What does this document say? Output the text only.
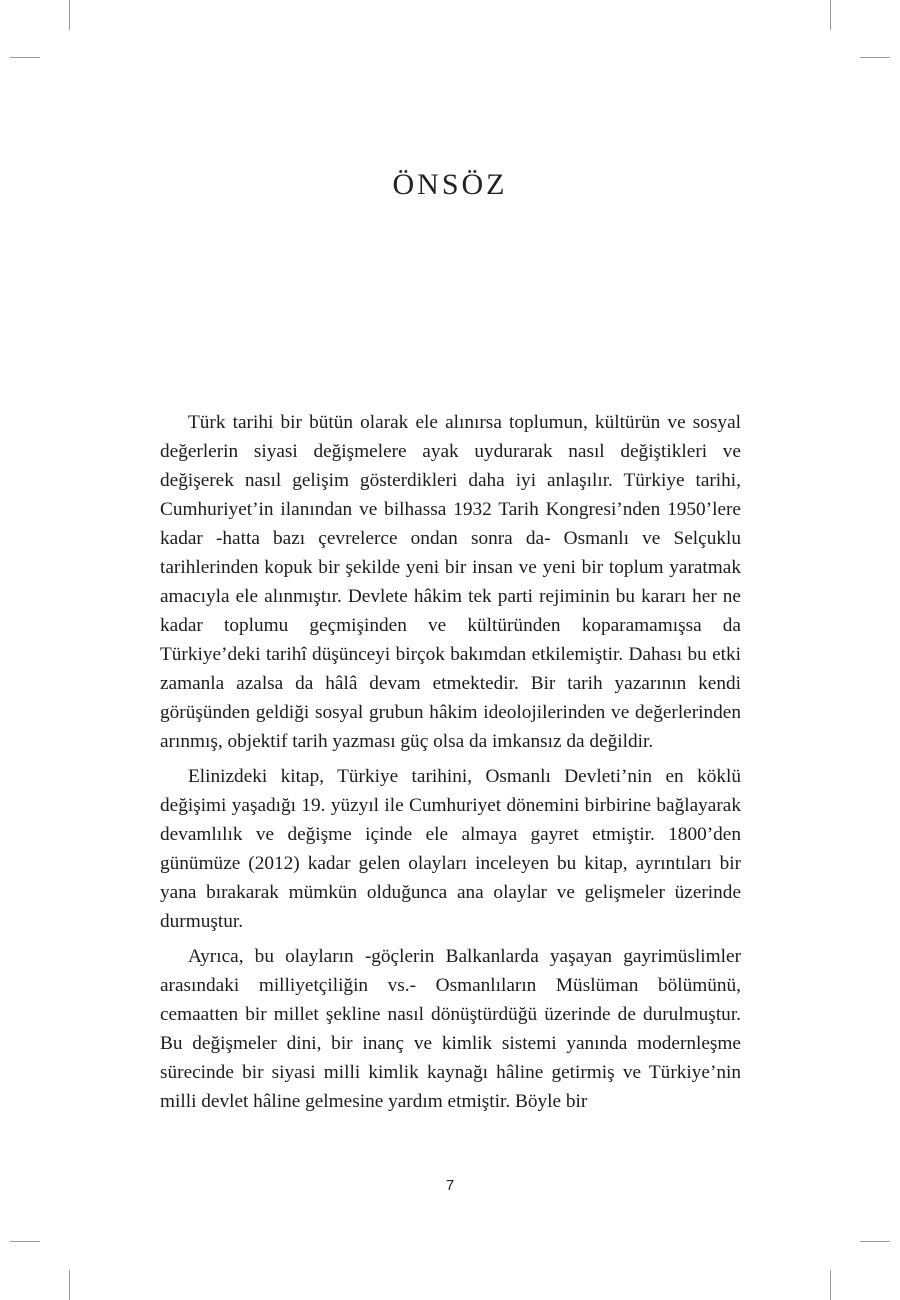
ÖNSÖZ

Türk tarihi bir bütün olarak ele alınırsa toplumun, kültürün ve sosyal değerlerin siyasi değişmelere ayak uydurarak nasıl değiştikleri ve değişerek nasıl gelişim gösterdikleri daha iyi anlaşılır. Türkiye tarihi, Cumhuriyet’in ilanından ve bilhassa 1932 Tarih Kongresi’nden 1950’lere kadar -hatta bazı çevrelerce ondan sonra da- Osmanlı ve Selçuklu tarihlerinden kopuk bir şekilde yeni bir insan ve yeni bir toplum yaratmak amacıyla ele alınmıştır. Devlete hâkim tek parti rejiminin bu kararı her ne kadar toplumu geçmişinden ve kültüründen koparamamışsa da Türkiye’deki tarihî düşünceyi birçok bakımdan etkilemiştir. Dahası bu etki zamanla azalsa da hâlâ devam etmektedir. Bir tarih yazarının kendi görüşünden geldiği sosyal grubun hâkim ideolojilerinden ve değerlerinden arınmış, objektif tarih yazması güç olsa da imkansız da değildir.

Elinizdeki kitap, Türkiye tarihini, Osmanlı Devleti’nin en köklü değişimi yaşadığı 19. yüzyıl ile Cumhuriyet dönemini birbirine bağlayarak devamlılık ve değişme içinde ele almaya gayret etmiştir. 1800’den günümüze (2012) kadar gelen olayları inceleyen bu kitap, ayrıntıları bir yana bırakarak mümkün olduğunca ana olaylar ve gelişmeler üzerinde durmuştur.

Ayrıca, bu olayların -göçlerin Balkanlarda yaşayan gayrimüslimler arasındaki milliyetçiliğin vs.- Osmanlıların Müslüman bölümünü, cemaatten bir millet şekline nasıl dönüştürdüğü üzerinde de durulmuştur. Bu değişmeler dini, bir inanç ve kimlik sistemi yanında modernleşme sürecinde bir siyasi milli kimlik kaynağı hâline getirmiş ve Türkiye’nin milli devlet hâline gelmesine yardım etmiştir. Böyle bir

7
